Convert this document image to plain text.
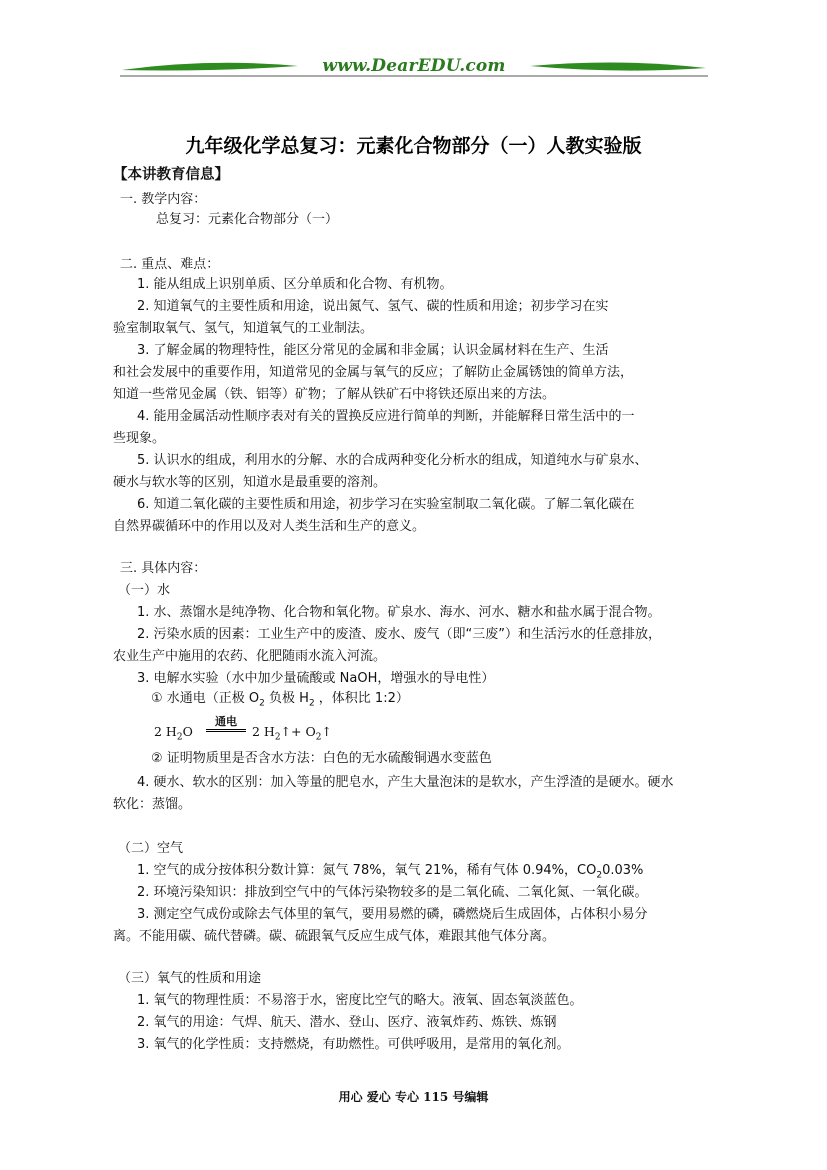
www.DearEDU.com
九年级化学总复习：元素化合物部分（一）人教实验版
【本讲教育信息】
一. 教学内容：
总复习：元素化合物部分（一）
二. 重点、难点：
1. 能从组成上识别单质、区分单质和化合物、有机物。
2. 知道氧气的主要性质和用途，说出氮气、氢气、碳的性质和用途；初步学习在实
验室制取氧气、氢气，知道氧气的工业制法。
3. 了解金属的物理特性，能区分常见的金属和非金属；认识金属材料在生产、生活
和社会发展中的重要作用，知道常见的金属与氧气的反应；了解防止金属锈蚀的简单方法，
知道一些常见金属（铁、铝等）矿物；了解从铁矿石中将铁还原出来的方法。
4. 能用金属活动性顺序表对有关的置换反应进行简单的判断，并能解释日常生活中的一
些现象。
5. 认识水的组成，利用水的分解、水的合成两种变化分析水的组成，知道纯水与矿泉水、
硬水与软水等的区别，知道水是最重要的溶剂。
6. 知道二氧化碳的主要性质和用途，初步学习在实验室制取二氧化碳。了解二氧化碳在
自然界碳循环中的作用以及对人类生活和生产的意义。
三. 具体内容：
（一）水
1. 水、蒸馏水是纯净物、化合物和氧化物。矿泉水、海水、河水、糖水和盐水属于混合物。
2. 污染水质的因素：工业生产中的废渣、废水、废气（即“三废”）和生活污水的任意排放，
农业生产中施用的农药、化肥随雨水流入河流。
3. 电解水实验（水中加少量硫酸或 NaOH，增强水的导电性）
① 水通电（正极 $O_2$ 负极 $H_2$ ，体积比 1:2）
2 $H_2O$
通电
2 $H_2↑+$ $O_2↑$
② 证明物质里是否含水方法：白色的无水硫酸铜遇水变蓝色
4. 硬水、软水的区别：加入等量的肥皂水，产生大量泡沫的是软水，产生浮渣的是硬水。硬水
软化：蒸馏。
（二）空气
1. 空气的成分按体积分数计算：氮气 78%，氧气 21%，稀有气体 0.94%，$CO_20.03\%$
2. 环境污染知识：排放到空气中的气体污染物较多的是二氧化硫、二氧化氮、一氧化碳。
3. 测定空气成份或除去气体里的氧气，要用易燃的磷，磷燃烧后生成固体，占体积小易分
离。不能用碳、硫代替磷。碳、硫跟氧气反应生成气体，难跟其他气体分离。
（三）氧气的性质和用途
1. 氧气的物理性质：不易溶于水，密度比空气的略大。液氧、固态氧淡蓝色。
2. 氧气的用途：气焊、航天、潜水、登山、医疗、液氧炸药、炼铁、炼钢
3. 氧气的化学性质：支持燃烧，有助燃性。可供呼吸用，是常用的氧化剂。
用心 爱心 专心 115 号编辑
